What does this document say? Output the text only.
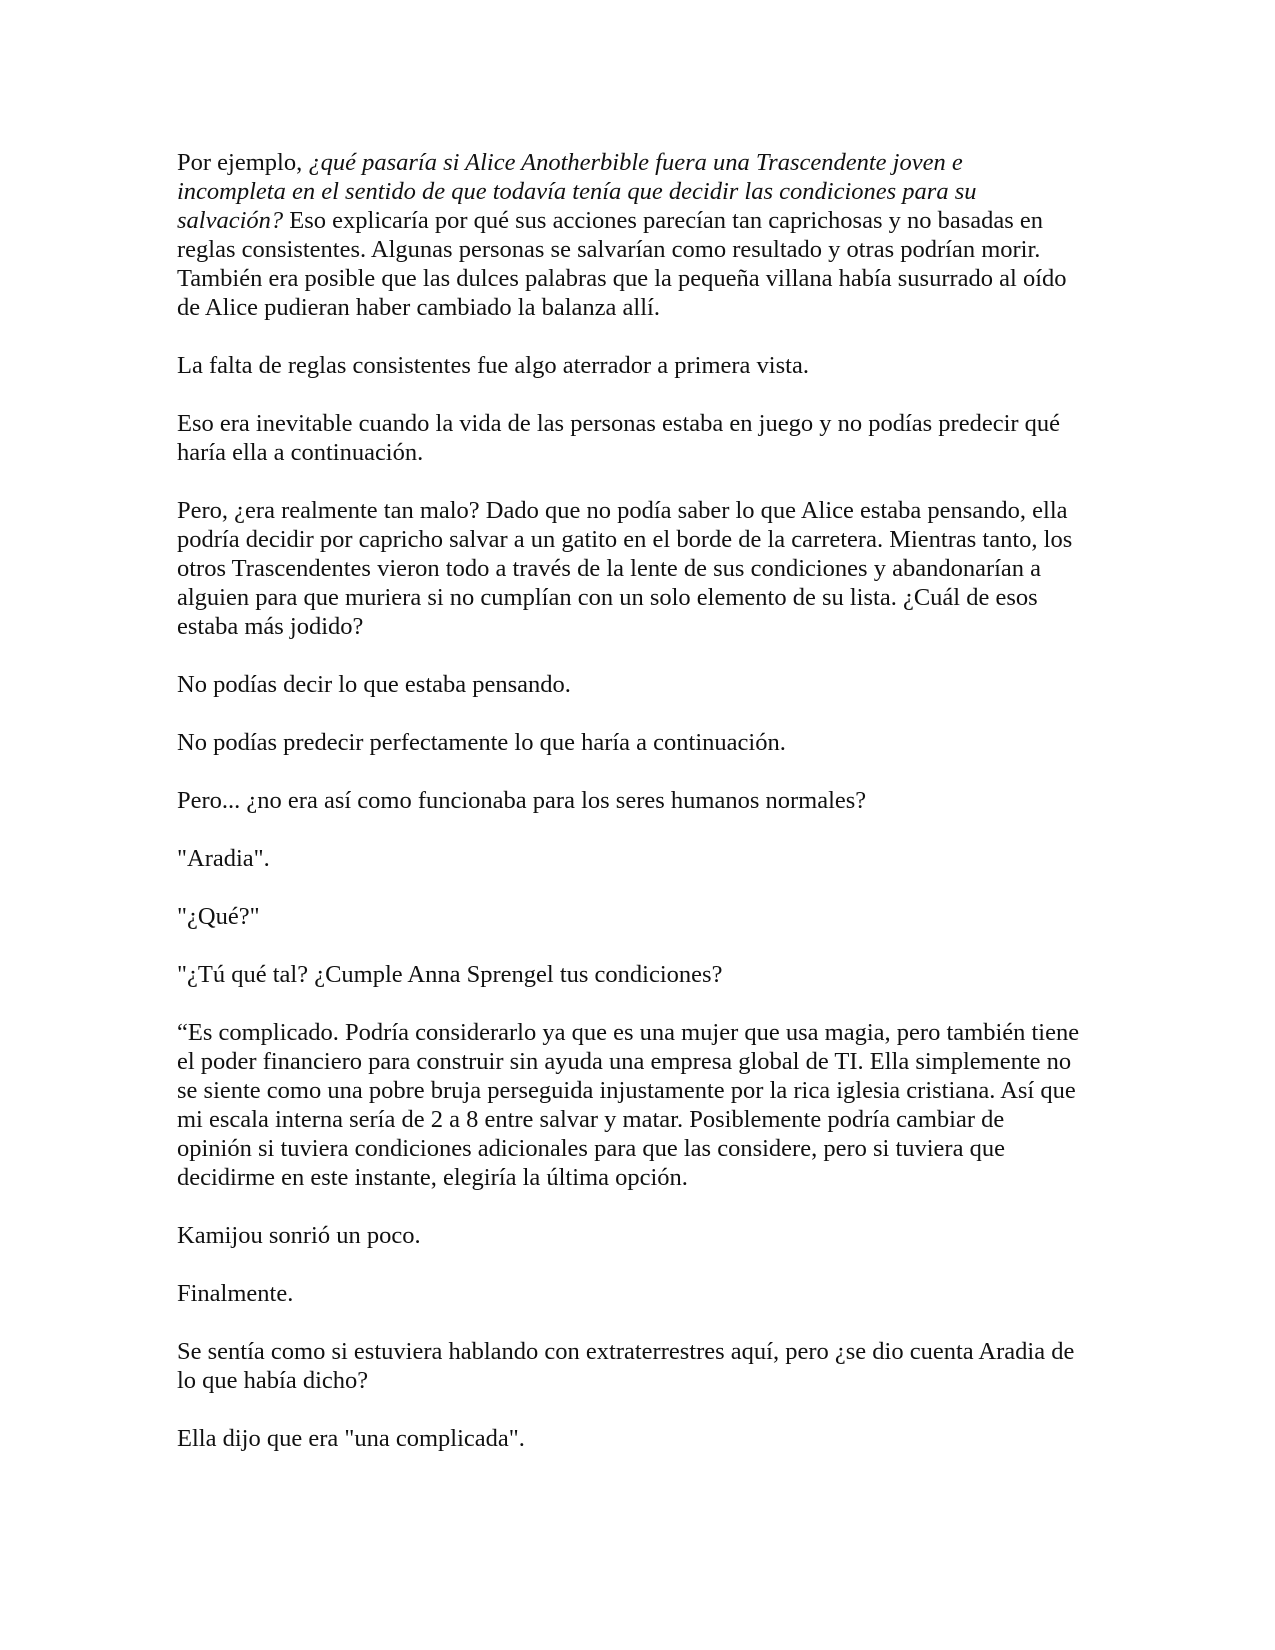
Por ejemplo, ¿qué pasaría si Alice Anotherbible fuera una Trascendente joven e
incompleta en el sentido de que todavía tenía que decidir las condiciones para su
salvación? Eso explicaría por qué sus acciones parecían tan caprichosas y no basadas en
reglas consistentes. Algunas personas se salvarían como resultado y otras podrían morir.
También era posible que las dulces palabras que la pequeña villana había susurrado al oído
de Alice pudieran haber cambiado la balanza allí.

La falta de reglas consistentes fue algo aterrador a primera vista.

Eso era inevitable cuando la vida de las personas estaba en juego y no podías predecir qué
haría ella a continuación.

Pero, ¿era realmente tan malo? Dado que no podía saber lo que Alice estaba pensando, ella
podría decidir por capricho salvar a un gatito en el borde de la carretera. Mientras tanto, los
otros Trascendentes vieron todo a través de la lente de sus condiciones y abandonarían a
alguien para que muriera si no cumplían con un solo elemento de su lista. ¿Cuál de esos
estaba más jodido?

No podías decir lo que estaba pensando.

No podías predecir perfectamente lo que haría a continuación.

Pero... ¿no era así como funcionaba para los seres humanos normales?

"Aradia".

"¿Qué?"

"¿Tú qué tal? ¿Cumple Anna Sprengel tus condiciones?

“Es complicado. Podría considerarlo ya que es una mujer que usa magia, pero también tiene
el poder financiero para construir sin ayuda una empresa global de TI. Ella simplemente no
se siente como una pobre bruja perseguida injustamente por la rica iglesia cristiana. Así que
mi escala interna sería de 2 a 8 entre salvar y matar. Posiblemente podría cambiar de
opinión si tuviera condiciones adicionales para que las considere, pero si tuviera que
decidirme en este instante, elegiría la última opción.

Kamijou sonrió un poco.

Finalmente.

Se sentía como si estuviera hablando con extraterrestres aquí, pero ¿se dio cuenta Aradia de
lo que había dicho?

Ella dijo que era "una complicada".
